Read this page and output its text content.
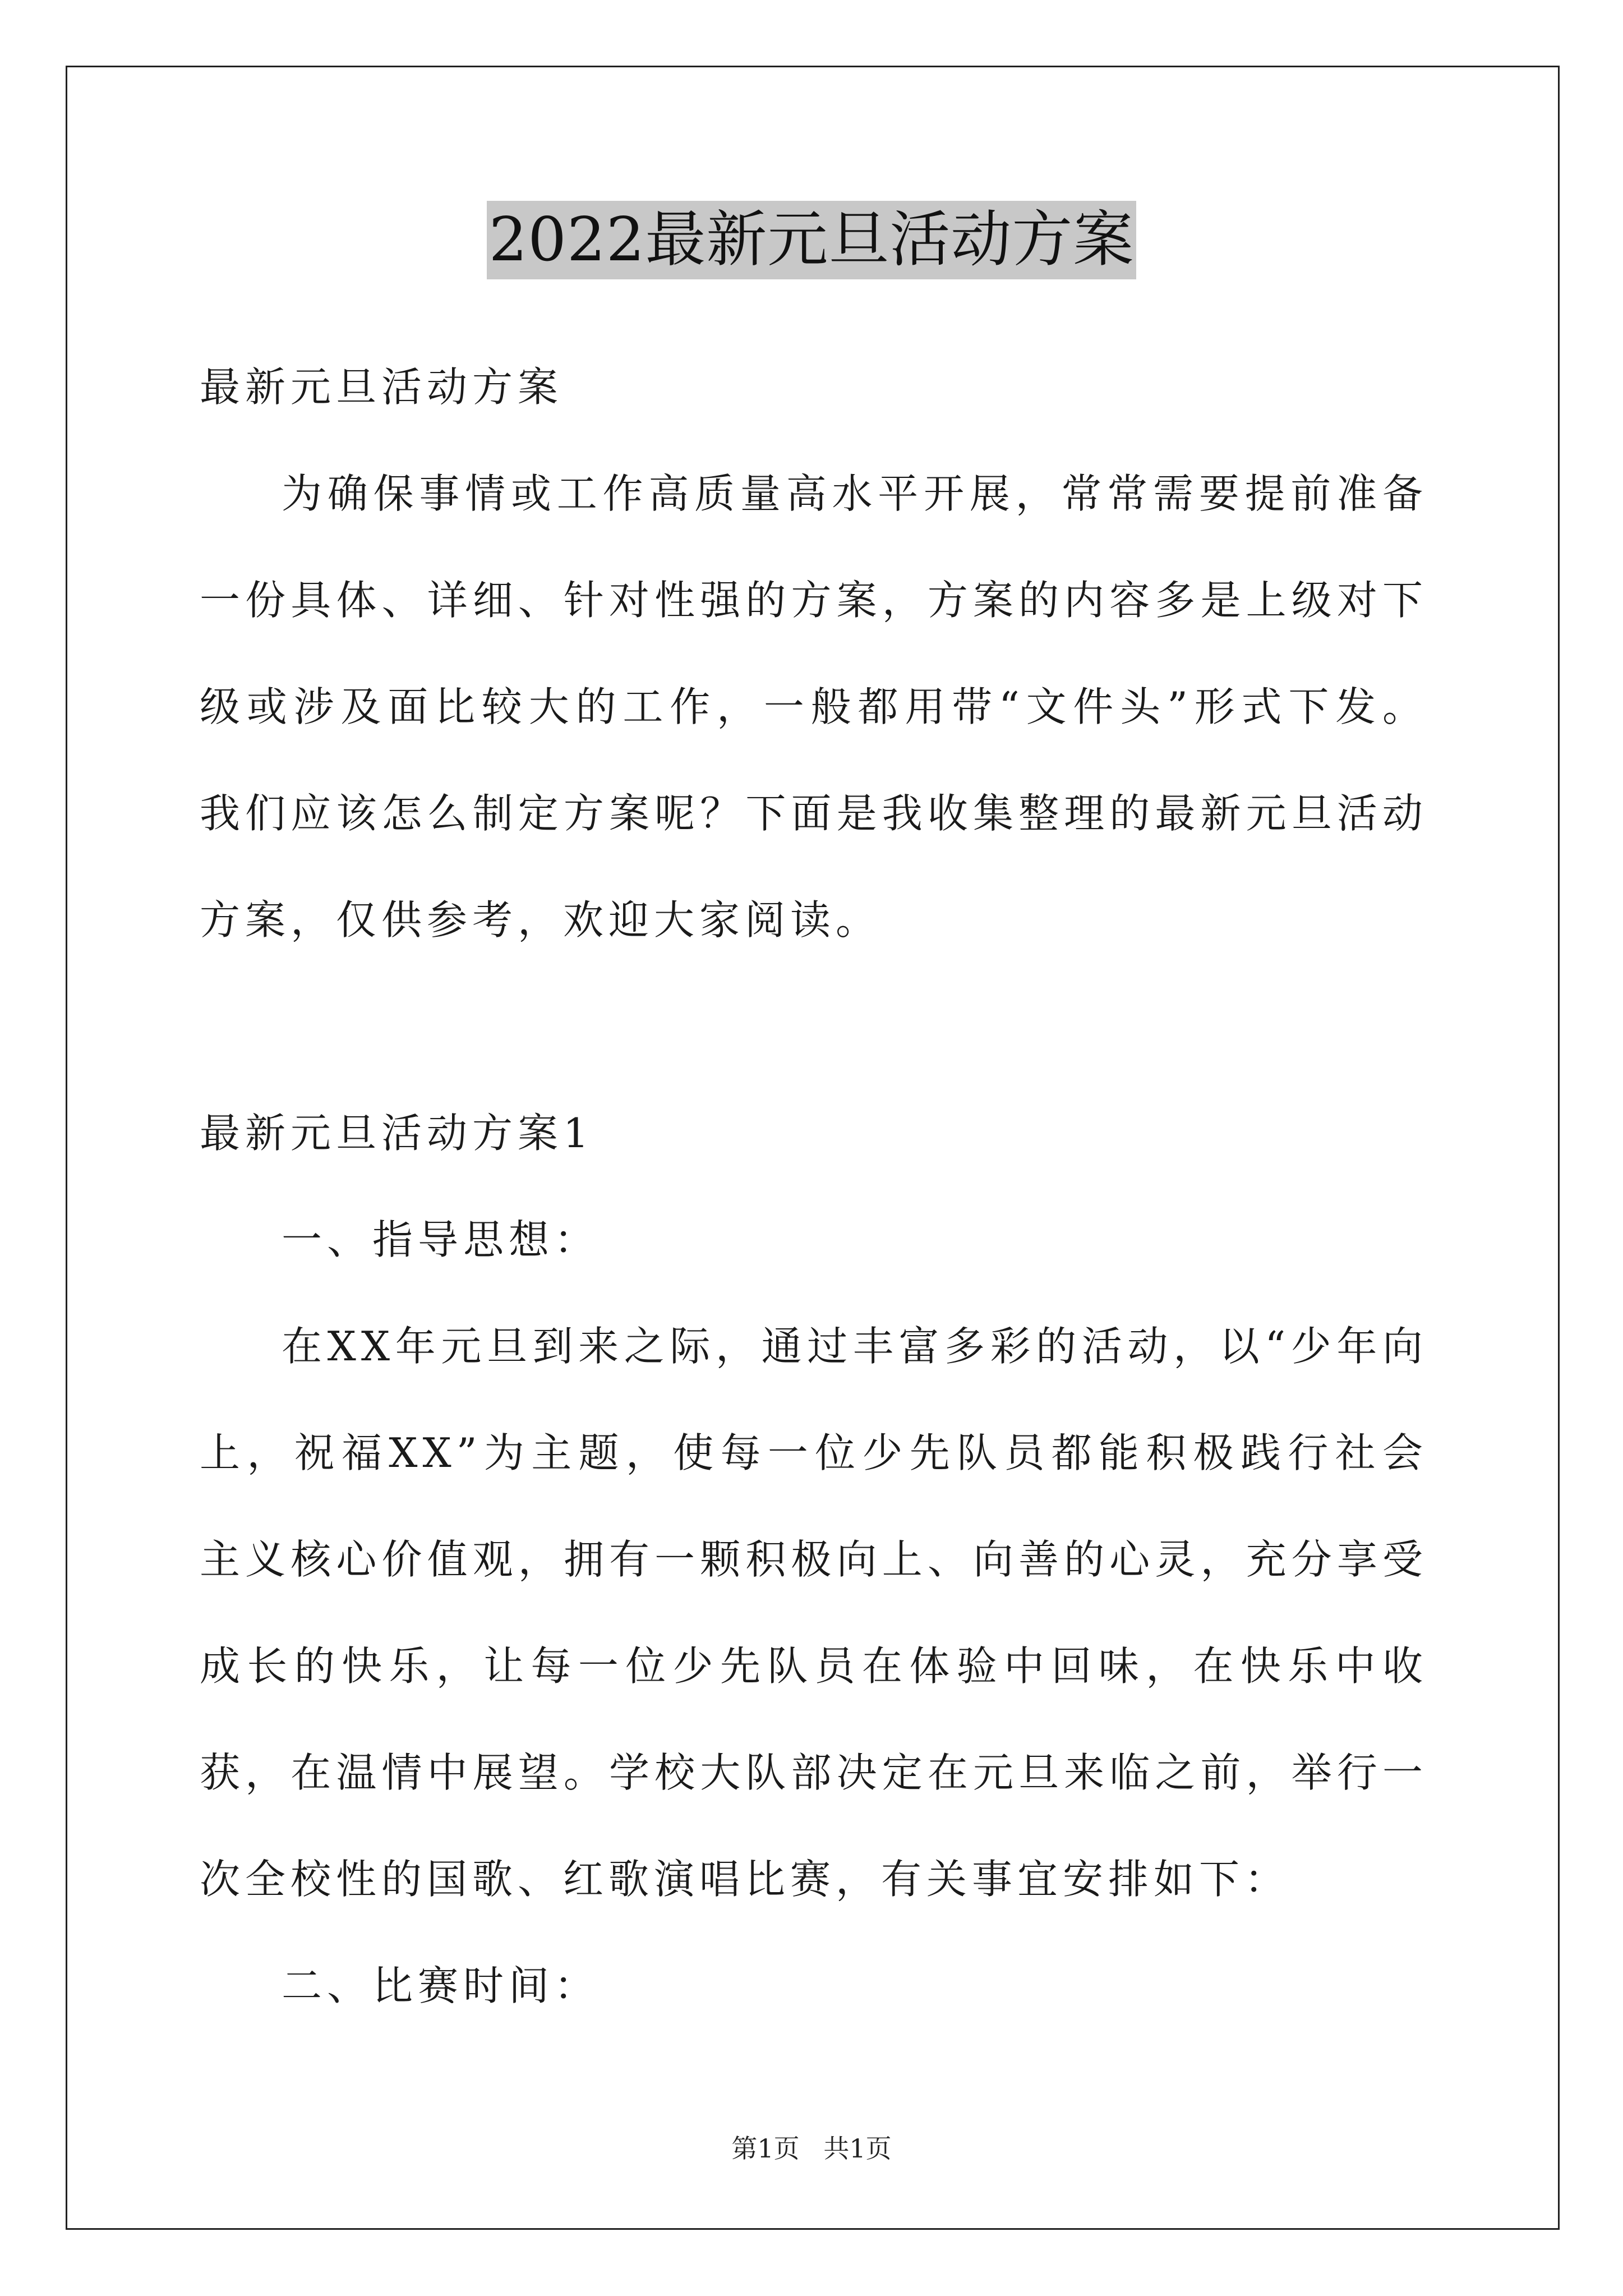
2022最新元旦活动方案

最新元旦活动方案

为确保事情或工作高质量高水平开展，常常需要提前准备一份具体、详细、针对性强的方案，方案的内容多是上级对下级或涉及面比较大的工作，一般都用带“文件头”形式下发。我们应该怎么制定方案呢？下面是我收集整理的最新元旦活动方案，仅供参考，欢迎大家阅读。

最新元旦活动方案1

一、指导思想：

在XX年元旦到来之际，通过丰富多彩的活动，以“少年向上，祝福XX”为主题，使每一位少先队员都能积极践行社会主义核心价值观，拥有一颗积极向上、向善的心灵，充分享受成长的快乐，让每一位少先队员在体验中回味，在快乐中收获，在温情中展望。学校大队部决定在元旦来临之前，举行一次全校性的国歌、红歌演唱比赛，有关事宜安排如下：

二、比赛时间：

第1页 共1页
